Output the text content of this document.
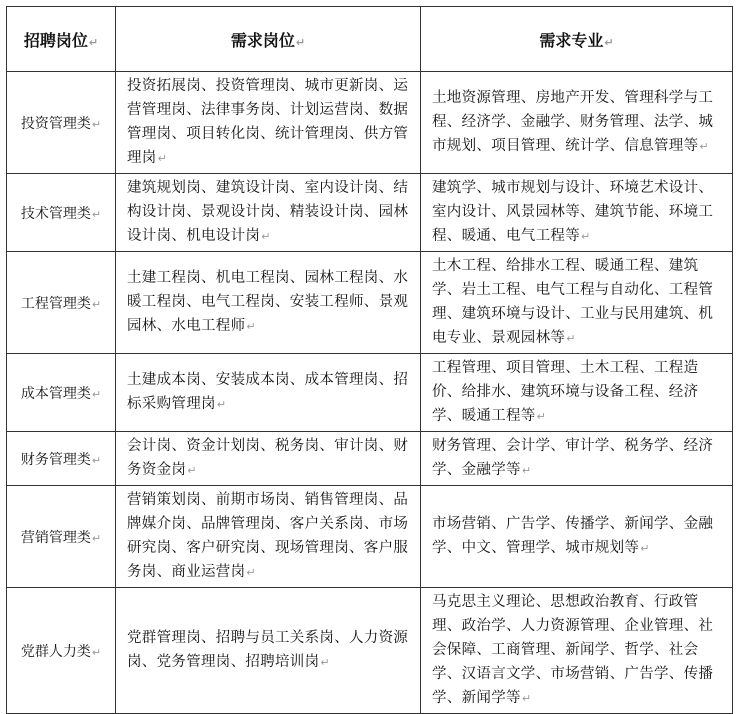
招聘岗位↵	需求岗位↵	需求专业↵
投资管理类↵	投资拓展岗、投资管理岗、城市更新岗、运营管理岗、法律事务岗、计划运营岗、数据管理岗、项目转化岗、统计管理岗、供方管理岗↵	土地资源管理、房地产开发、管理科学与工程、经济学、金融学、财务管理、法学、城市规划、项目管理、统计学、信息管理等↵
技术管理类↵	建筑规划岗、建筑设计岗、室内设计岗、结构设计岗、景观设计岗、精装设计岗、园林设计岗、机电设计岗↵	建筑学、城市规划与设计、环境艺术设计、室内设计、风景园林等、建筑节能、环境工程、暖通、电气工程等↵
工程管理类↵	土建工程岗、机电工程岗、园林工程岗、水暖工程岗、电气工程岗、安装工程师、景观园林、水电工程师↵	土木工程、给排水工程、暖通工程、建筑学、岩土工程、电气工程与自动化、工程管理、建筑环境与设计、工业与民用建筑、机电专业、景观园林等↵
成本管理类↵	土建成本岗、安装成本岗、成本管理岗、招标采购管理岗↵	工程管理、项目管理、土木工程、工程造价、给排水、建筑环境与设备工程、经济学、暖通工程等↵
财务管理类↵	会计岗、资金计划岗、税务岗、审计岗、财务资金岗↵	财务管理、会计学、审计学、税务学、经济学、金融学等↵
营销管理类↵	营销策划岗、前期市场岗、销售管理岗、品牌媒介岗、品牌管理岗、客户关系岗、市场研究岗、客户研究岗、现场管理岗、客户服务岗、商业运营岗↵	市场营销、广告学、传播学、新闻学、金融学、中文、管理学、城市规划等↵
党群人力类↵	党群管理岗、招聘与员工关系岗、人力资源岗、党务管理岗、招聘培训岗↵	马克思主义理论、思想政治教育、行政管理、政治学、人力资源管理、企业管理、社会保障、工商管理、新闻学、哲学、社会学、汉语言文学、市场营销、广告学、传播学、新闻学等↵
